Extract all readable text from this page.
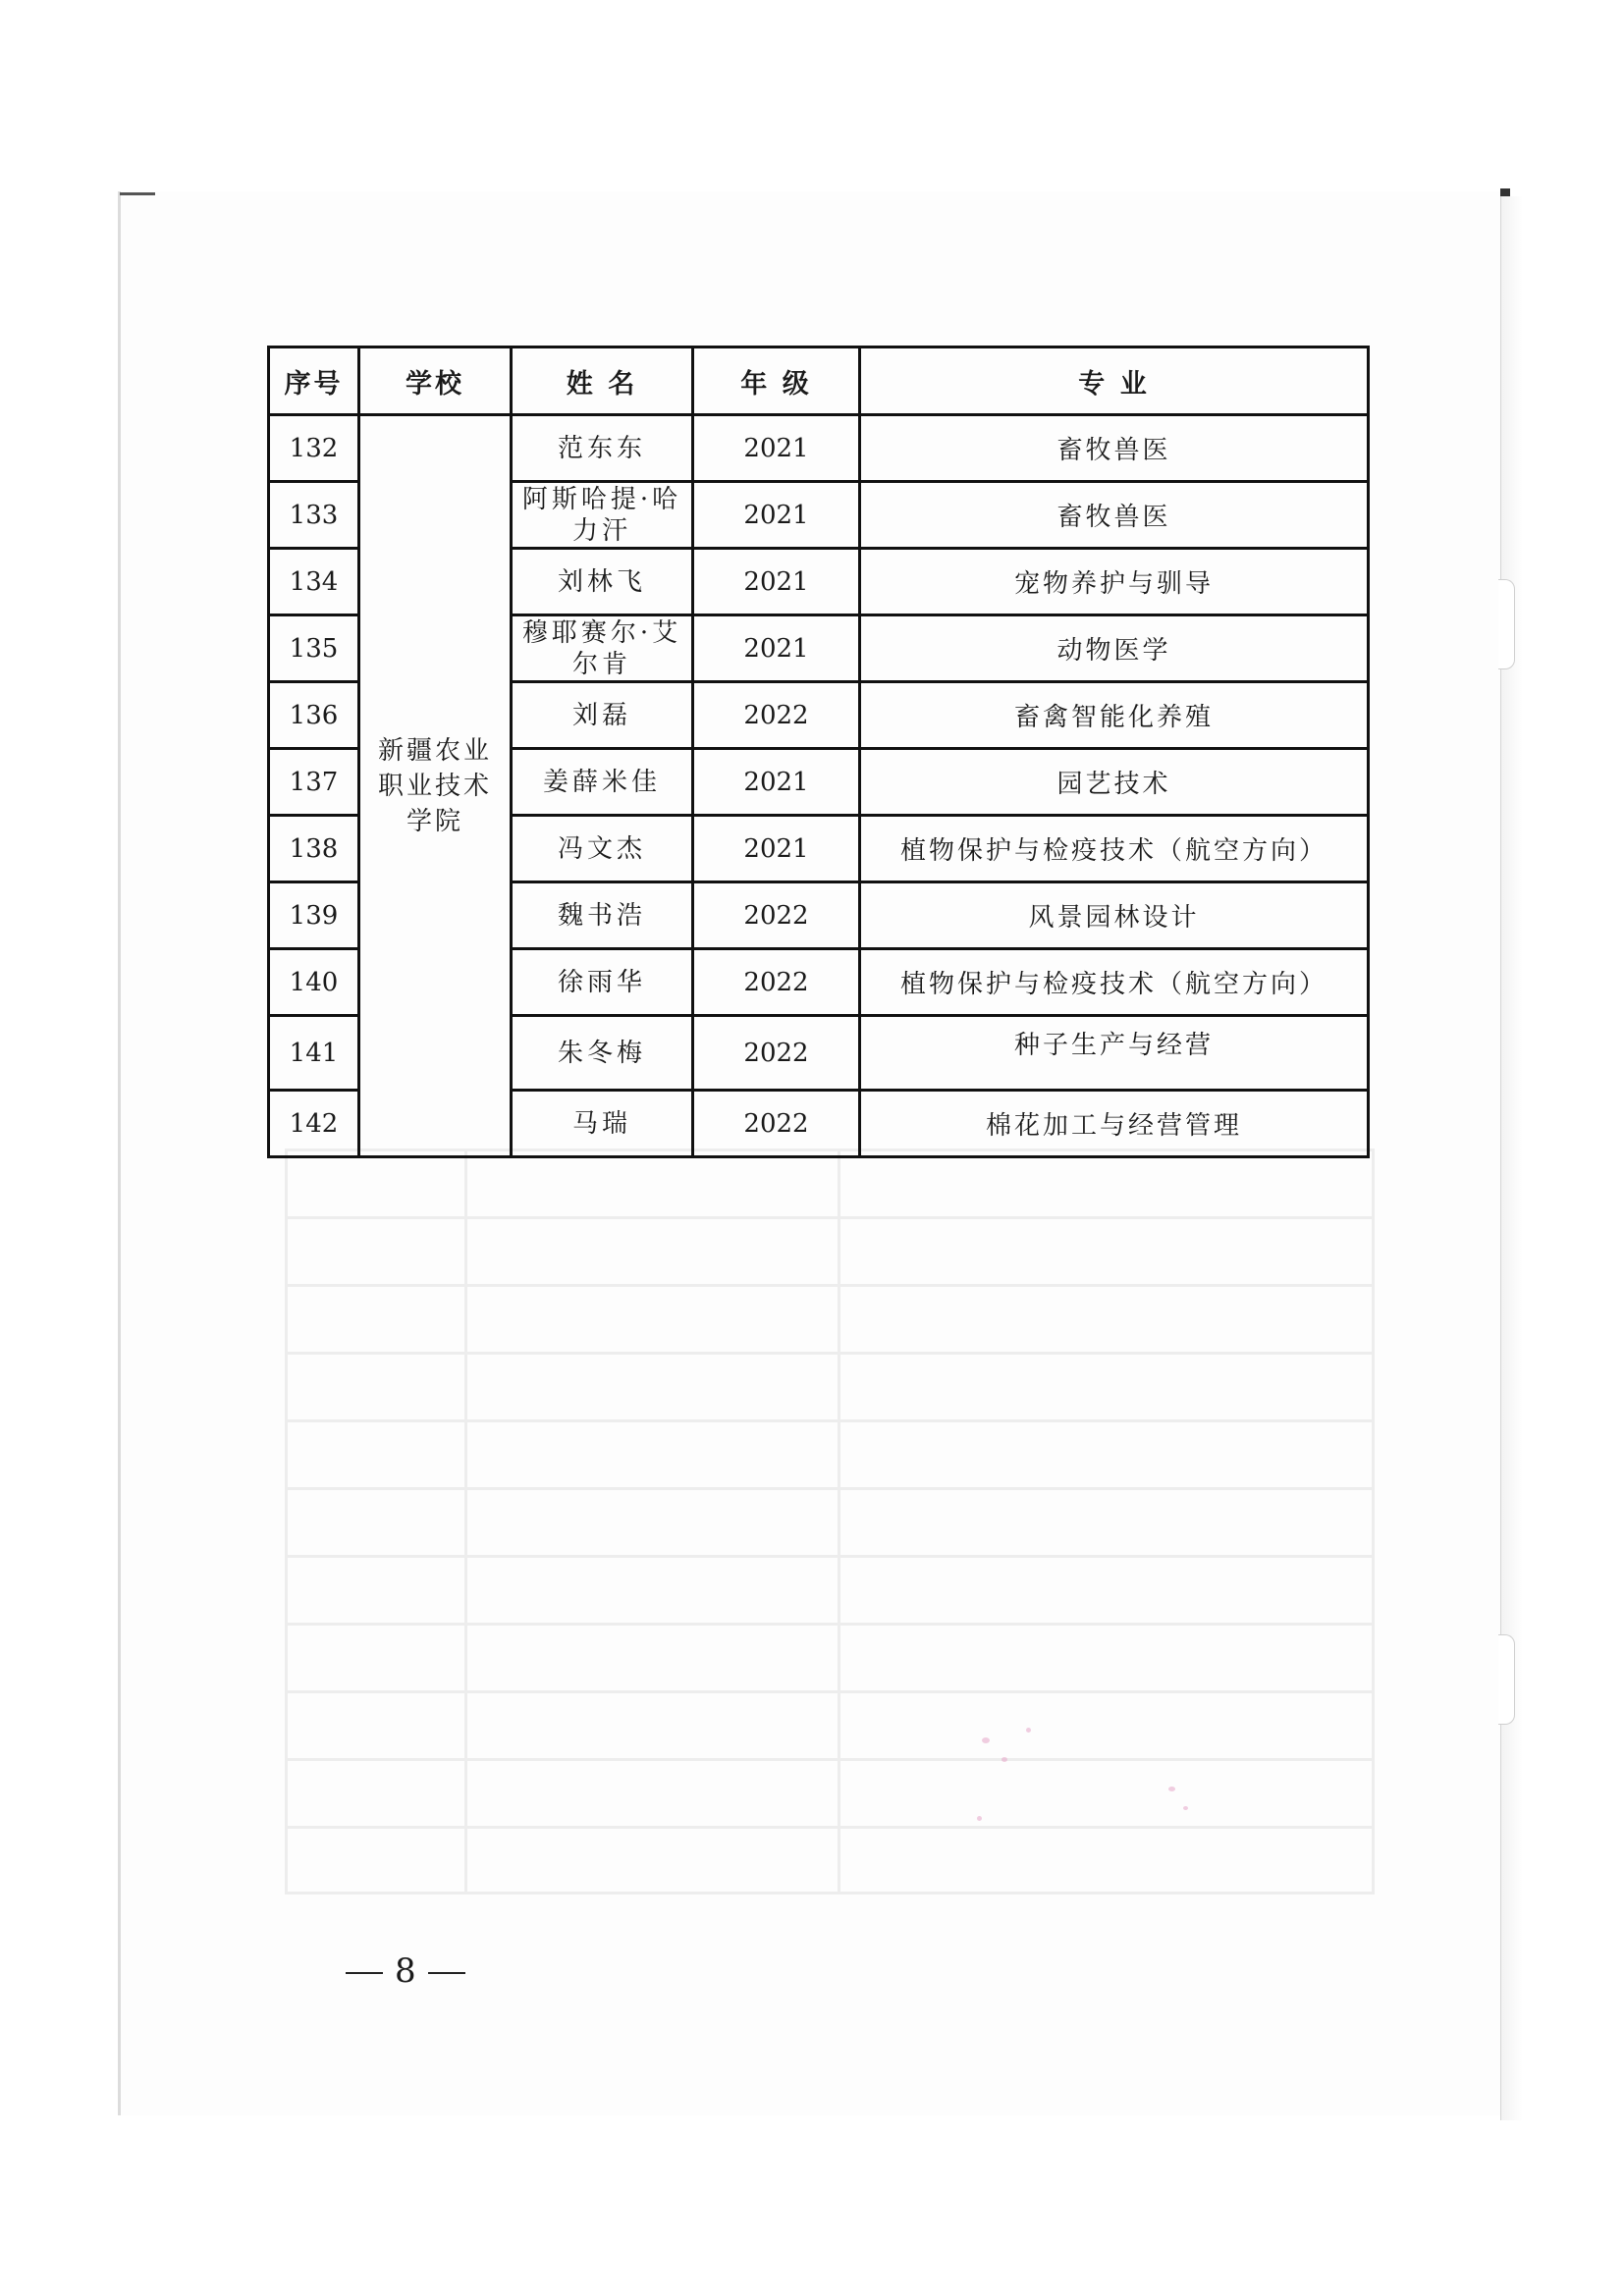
序号	学校	姓 名	年 级	专 业
132	新疆农业职业技术学院	范东东	2021	畜牧兽医
133		阿斯哈提·哈力汗	2021	畜牧兽医
134		刘林飞	2021	宠物养护与驯导
135		穆耶赛尔·艾尔肯	2021	动物医学
136		刘磊	2022	畜禽智能化养殖
137		姜薛米佳	2021	园艺技术
138		冯文杰	2021	植物保护与检疫技术（航空方向）
139		魏书浩	2022	风景园林设计
140		徐雨华	2022	植物保护与检疫技术（航空方向）
141		朱冬梅	2022	种子生产与经营
142		马瑞	2022	棉花加工与经营管理
8
